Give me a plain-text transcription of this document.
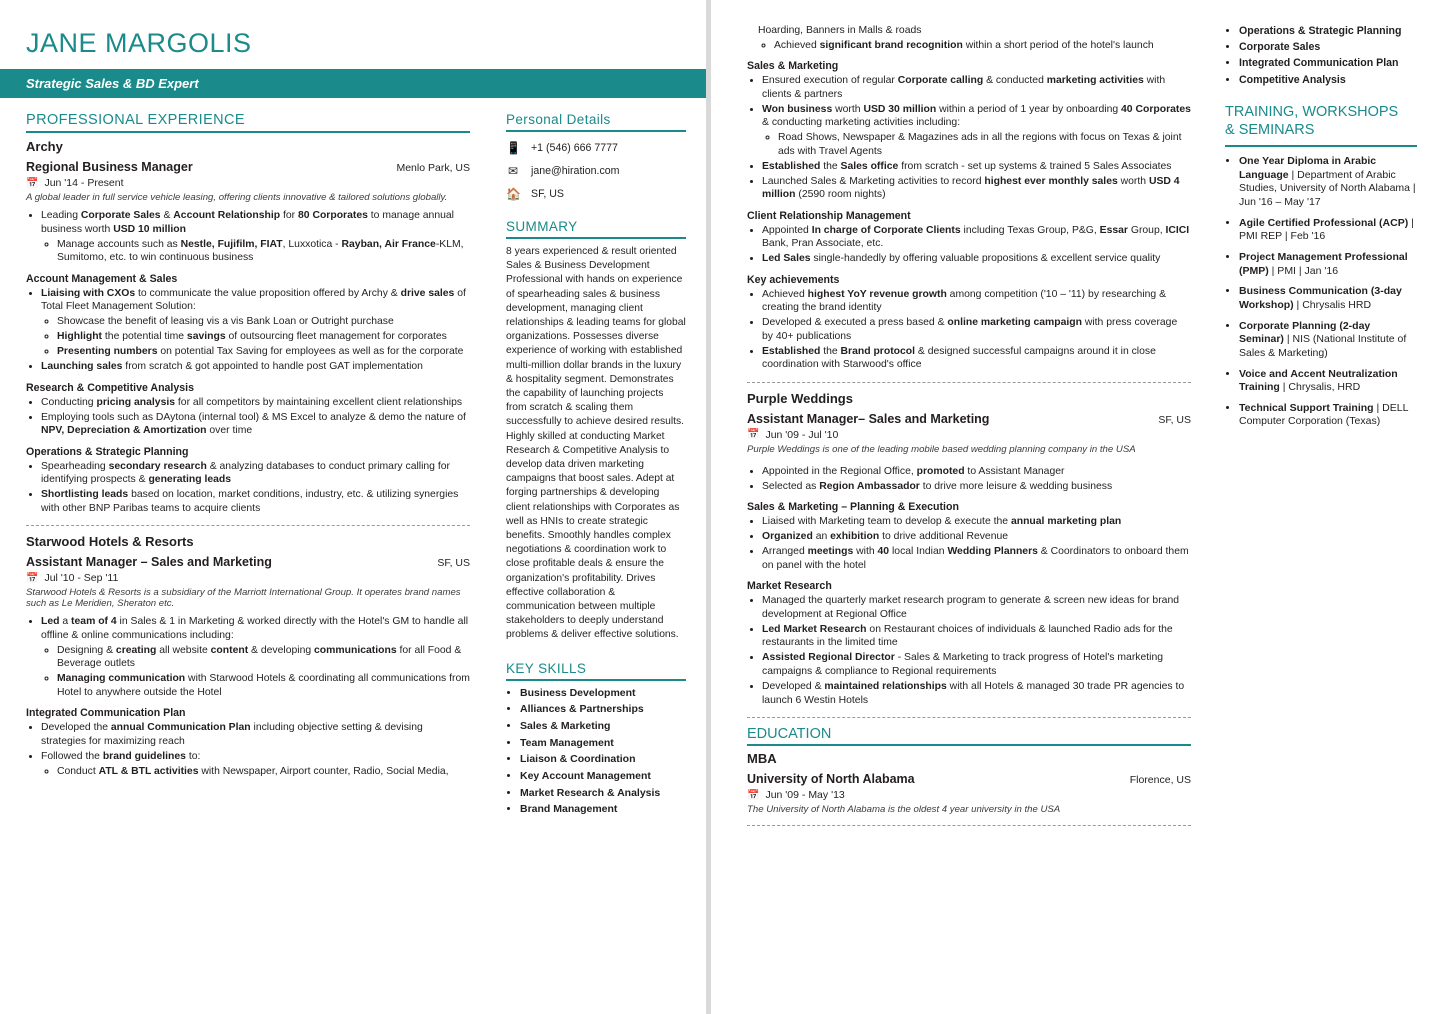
JANE MARGOLIS
Strategic Sales & BD Expert
PROFESSIONAL EXPERIENCE
Archy
Regional Business Manager	Menlo Park, US
📅 Jun '14 - Present
A global leader in full service vehicle leasing, offering clients innovative & tailored solutions globally.
• Leading Corporate Sales & Account Relationship for 80 Corporates to manage annual business worth USD 10 million
◦ Manage accounts such as Nestle, Fujifilm, FIAT, Luxxotica - Rayban, Air France-KLM, Sumitomo, etc. to win continuous business
Account Management & Sales
• Liaising with CXOs to communicate the value proposition offered by Archy & drive sales of Total Fleet Management Solution:
◦ Showcase the benefit of leasing vis a vis Bank Loan or Outright purchase
◦ Highlight the potential time savings of outsourcing fleet management for corporates
◦ Presenting numbers on potential Tax Saving for employees as well as for the corporate
• Launching sales from scratch & got appointed to handle post GAT implementation
Research & Competitive Analysis
• Conducting pricing analysis for all competitors by maintaining excellent client relationships
• Employing tools such as DAytona (internal tool) & MS Excel to analyze & demo the nature of NPV, Depreciation & Amortization over time
Operations & Strategic Planning
• Spearheading secondary research & analyzing databases to conduct primary calling for identifying prospects & generating leads
• Shortlisting leads based on location, market conditions, industry, etc. & utilizing synergies with other BNP Paribas teams to acquire clients
Starwood Hotels & Resorts
Assistant Manager – Sales and Marketing	SF, US
📅 Jul '10 - Sep '11
Starwood Hotels & Resorts is a subsidiary of the Marriott International Group. It operates brand names such as Le Meridien, Sheraton etc.
• Led a team of 4 in Sales & 1 in Marketing & worked directly with the Hotel's GM to handle all offline & online communications including:
◦ Designing & creating all website content & developing communications for all Food & Beverage outlets
◦ Managing communication with Starwood Hotels & coordinating all communications from Hotel to anywhere outside the Hotel
Integrated Communication Plan
• Developed the annual Communication Plan including objective setting & devising strategies for maximizing reach
• Followed the brand guidelines to:
◦ Conduct ATL & BTL activities with Newspaper, Airport counter, Radio, Social Media,
Personal Details
📱 +1 (546) 666 7777
✉ jane@hiration.com
🏠 SF, US
SUMMARY
8 years experienced & result oriented Sales & Business Development Professional with hands on experience of spearheading sales & business development, managing client relationships & leading teams for global organizations. Possesses diverse experience of working with established multi-million dollar brands in the luxury & hospitality segment. Demonstrates the capability of launching projects from scratch & scaling them successfully to achieve desired results. Highly skilled at conducting Market Research & Competitive Analysis to develop data driven marketing campaigns that boost sales. Adept at forging partnerships & developing client relationships with Corporates as well as HNIs to create strategic benefits. Smoothly handles complex negotiations & coordination work to close profitable deals & ensure the organization's profitability. Drives effective collaboration & communication between multiple stakeholders to deeply understand problems & deliver effective solutions.
KEY SKILLS
• Business Development
• Alliances & Partnerships
• Sales & Marketing
• Team Management
• Liaison & Coordination
• Key Account Management
• Market Research & Analysis
• Brand Management
Hoarding, Banners in Malls & roads
◦ Achieved significant brand recognition within a short period of the hotel's launch
Sales & Marketing
• Ensured execution of regular Corporate calling & conducted marketing activities with clients & partners
• Won business worth USD 30 million within a period of 1 year by onboarding 40 Corporates & conducting marketing activities including:
◦ Road Shows, Newspaper & Magazines ads in all the regions with focus on Texas & joint ads with Travel Agents
• Established the Sales office from scratch - set up systems & trained 5 Sales Associates
• Launched Sales & Marketing activities to record highest ever monthly sales worth USD 4 million (2590 room nights)
Client Relationship Management
• Appointed In charge of Corporate Clients including Texas Group, P&G, Essar Group, ICICI Bank, Pran Associate, etc.
• Led Sales single-handedly by offering valuable propositions & excellent service quality
Key achievements
• Achieved highest YoY revenue growth among competition ('10 – '11) by researching & creating the brand identity
• Developed & executed a press based & online marketing campaign with press coverage by 40+ publications
• Established the Brand protocol & designed successful campaigns around it in close coordination with Starwood's office
Purple Weddings
Assistant Manager– Sales and Marketing	SF, US
📅 Jun '09 - Jul '10
Purple Weddings is one of the leading mobile based wedding planning company in the USA
• Appointed in the Regional Office, promoted to Assistant Manager
• Selected as Region Ambassador to drive more leisure & wedding business
Sales & Marketing – Planning & Execution
• Liaised with Marketing team to develop & execute the annual marketing plan
• Organized an exhibition to drive additional Revenue
• Arranged meetings with 40 local Indian Wedding Planners & Coordinators to onboard them on panel with the hotel
Market Research
• Managed the quarterly market research program to generate & screen new ideas for brand development at Regional Office
• Led Market Research on Restaurant choices of individuals & launched Radio ads for the restaurants in the limited time
• Assisted Regional Director - Sales & Marketing to track progress of Hotel's marketing campaigns & compliance to Regional requirements
• Developed & maintained relationships with all Hotels & managed 30 trade PR agencies to launch 6 Westin Hotels
EDUCATION
MBA
University of North Alabama	Florence, US
📅 Jun '09 - May '13
The University of North Alabama is the oldest 4 year university in the USA
• Operations & Strategic Planning
• Corporate Sales
• Integrated Communication Plan
• Competitive Analysis
TRAINING, WORKSHOPS
& SEMINARS
• One Year Diploma in Arabic Language | Department of Arabic Studies, University of North Alabama | Jun '16 – May '17
• Agile Certified Professional (ACP) | PMI REP | Feb '16
• Project Management Professional (PMP) | PMI | Jan '16
• Business Communication (3-day Workshop) | Chrysalis HRD
• Corporate Planning (2-day Seminar) | NIS (National Institute of Sales & Marketing)
• Voice and Accent Neutralization Training | Chrysalis, HRD
• Technical Support Training | DELL Computer Corporation (Texas)
